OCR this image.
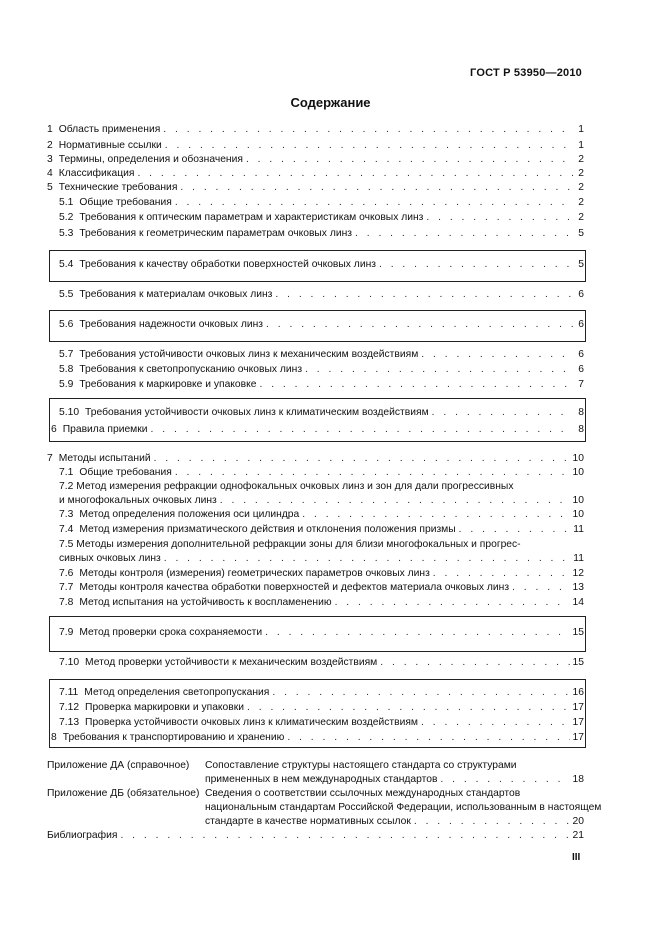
ГОСТ Р 53950—2010
Содержание
1 Область применения . . .	1
2 Нормативные ссылки . . .	1
3 Термины, определения и обозначения . . .	2
4 Классификация . . .	2
5 Технические требования . . .	2
5.1 Общие требования . . .	2
5.2 Требования к оптическим параметрам и характеристикам очковых линз . . .	2
5.3 Требования к геометрическим параметрам очковых линз . . .	5
5.4 Требования к качеству обработки поверхностей очковых линз . . .	5
5.5 Требования к материалам очковых линз . . .	6
5.6 Требования надежности очковых линз . . .	6
5.7 Требования устойчивости очковых линз к механическим воздействиям . . .	6
5.8 Требования к светопропусканию очковых линз . . .	6
5.9 Требования к маркировке и упаковке . . .	7
5.10 Требования устойчивости очковых линз к климатическим воздействиям . . .	8
6 Правила приемки . . .	8
7 Методы испытаний . . .	10
7.1 Общие требования . . .	10
7.2 Метод измерения рефракции однофокальных очковых линз и зон для дали прогрессивных
и многофокальных очковых линз . . .	10
7.3 Метод определения положения оси цилиндра . . .	10
7.4 Метод измерения призматического действия и отклонения положения призмы . . .	11
7.5 Методы измерения дополнительной рефракции зоны для близи многофокальных и прогрес-
сивных очковых линз . . .	11
7.6 Методы контроля (измерения) геометрических параметров очковых линз . . .	12
7.7 Методы контроля качества обработки поверхностей и дефектов материала очковых линз . . .	13
7.8 Метод испытания на устойчивость к воспламенению . . .	14
7.9 Метод проверки срока сохраняемости . . .	15
7.10 Метод проверки устойчивости к механическим воздействиям . . .	15
7.11 Метод определения светопропускания . . .	16
7.12 Проверка маркировки и упаковки . . .	17
7.13 Проверка устойчивости очковых линз к климатическим воздействиям . . .	17
8 Требования к транспортированию и хранению . . .	17
Приложение ДА (справочное) Сопоставление структуры настоящего стандарта со структурами
примененных в нем международных стандартов . . .	18
Приложение ДБ (обязательное) Сведения о соответствии ссылочных международных стандартов
национальным стандартам Российской Федерации, использованным в настоящем
стандарте в качестве нормативных ссылок . . .	20
Библиография . . .	21
III
